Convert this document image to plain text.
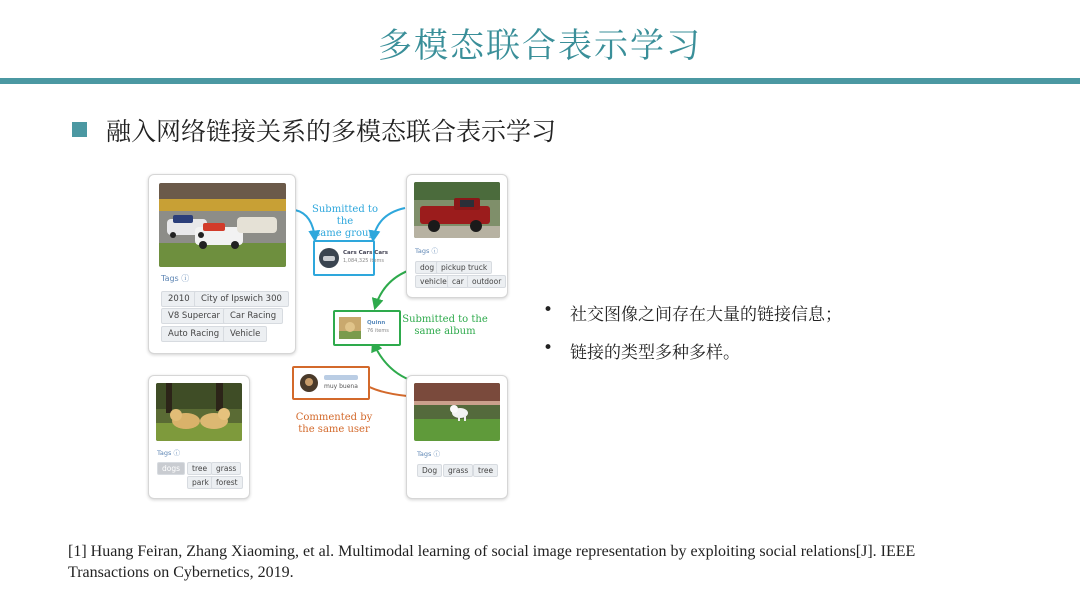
多模态联合表示学习
融入网络链接关系的多模态联合表示学习
Tags ⓘ
2010	City of Ipswich 300
V8 Supercar	Car Racing
Auto Racing	Vehicle
Tags ⓘ
dog pickup truck
vehicle car	outdoor
Tags ⓘ
dogs	tree	grass
park forest
Tags ⓘ
Dog	grass	tree
Cars Cars Cars
1,084,325 items
Submitted to the
same group
Quinn
76 items
Submitted to the
same album
muy buena
Commented by
the same user
• 社交图像之间存在大量的链接信息；
• 链接的类型多种多样。
[1] Huang Feiran, Zhang Xiaoming, et al. Multimodal learning of social image representation by exploiting social relations[J]. IEEE
Transactions on Cybernetics, 2019.
